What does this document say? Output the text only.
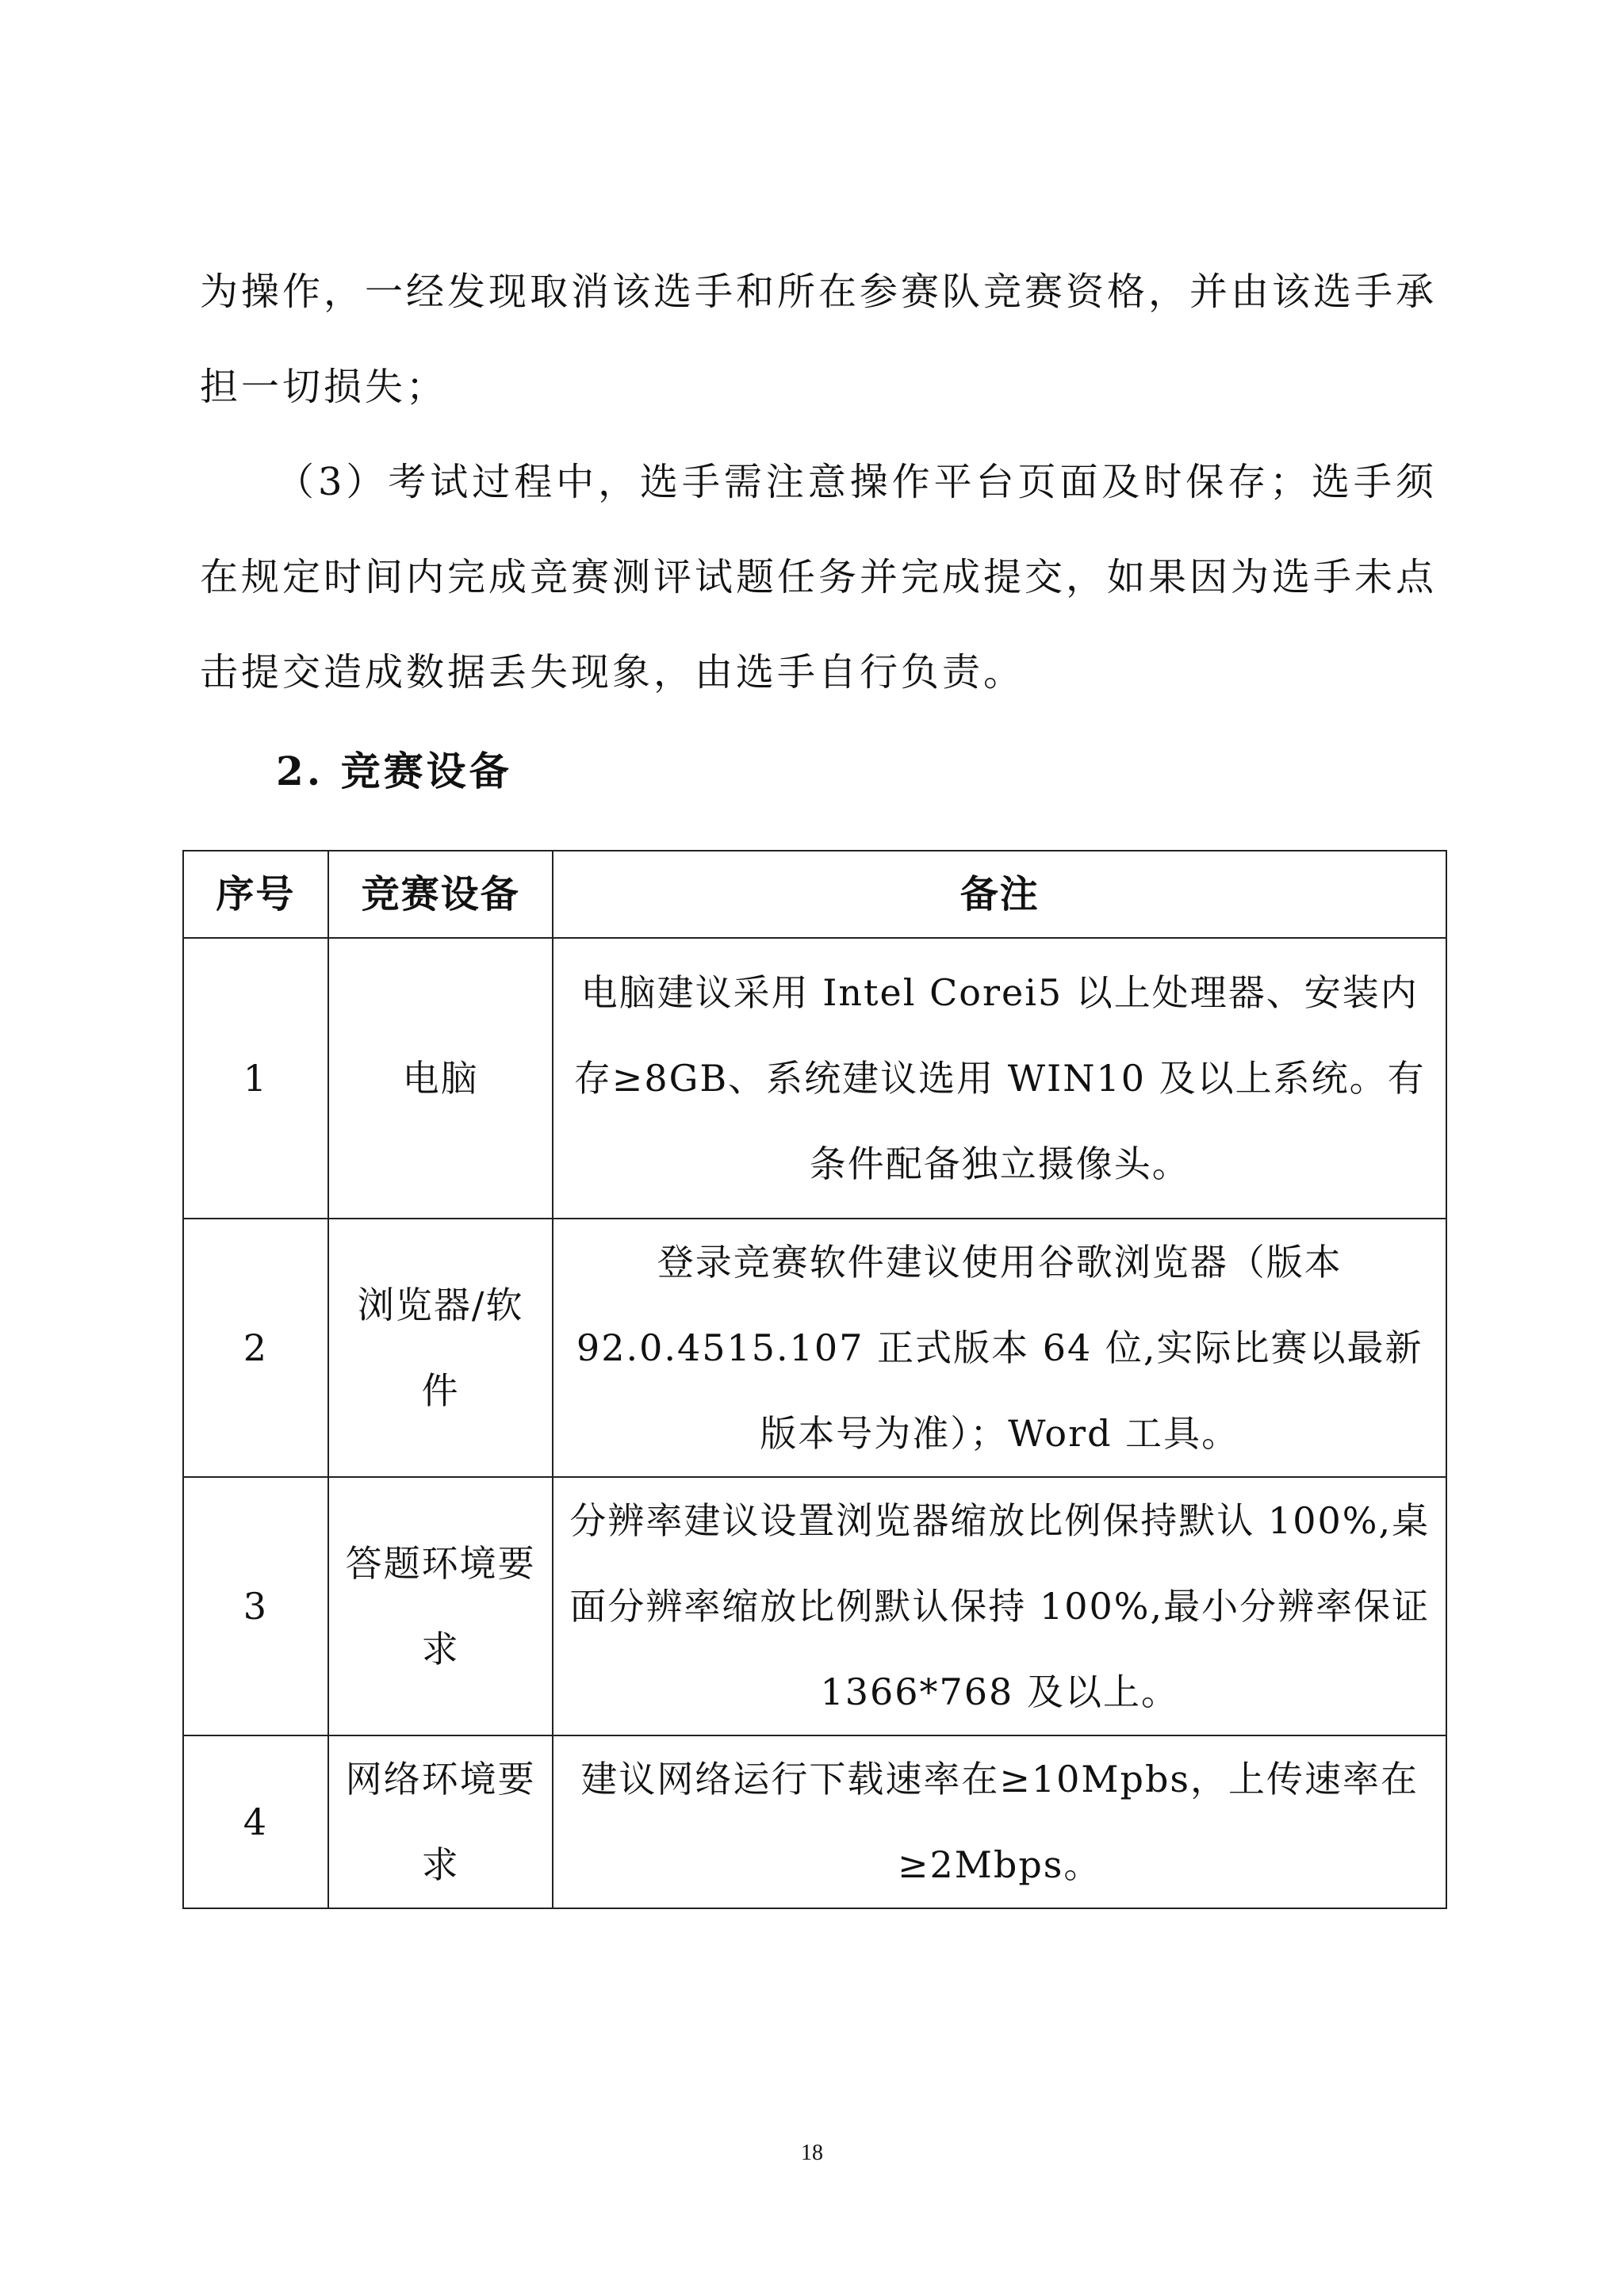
为操作，一经发现取消该选手和所在参赛队竞赛资格，并由该选手承担一切损失；

（3）考试过程中，选手需注意操作平台页面及时保存；选手须在规定时间内完成竞赛测评试题任务并完成提交，如果因为选手未点击提交造成数据丢失现象，由选手自行负责。

2. 竞赛设备
序号	竞赛设备	备注
1	电脑	电脑建议采用 Intel Corei5 以上处理器、安装内存≥8GB、系统建议选用 WIN10 及以上系统。有条件配备独立摄像头。
2	浏览器/软件	登录竞赛软件建议使用谷歌浏览器（版本 92.0.4515.107 正式版本 64 位,实际比赛以最新版本号为准）；Word 工具。
3	答题环境要求	分辨率建议设置浏览器缩放比例保持默认 100%,桌面分辨率缩放比例默认保持 100%,最小分辨率保证 1366*768 及以上。
4	网络环境要求	建议网络运行下载速率在≥10Mpbs，上传速率在≥2Mbps。
18
